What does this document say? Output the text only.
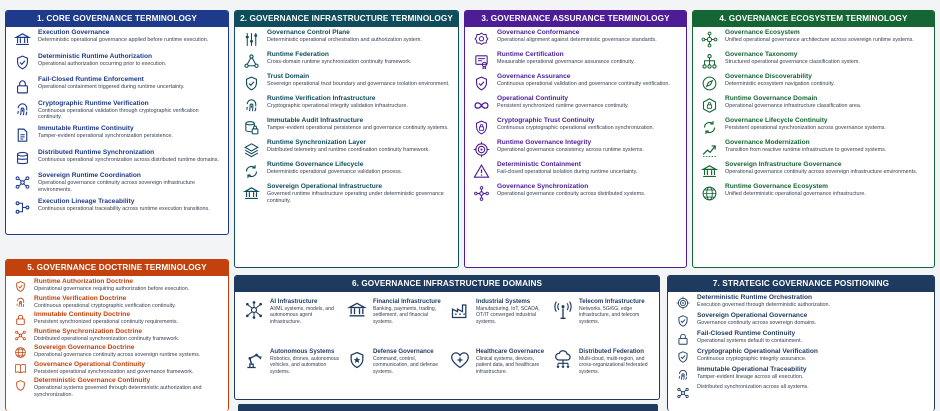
1. CORE GOVERNANCE TERMINOLOGY
Execution Governance
Deterministic operational governance applied before runtime execution.
Deterministic Runtime Authorization
Operational authorization occurring prior to execution.
Fail-Closed Runtime Enforcement
Operational containment triggered during runtime uncertainty.
Cryptographic Runtime Verification
Continuous operational validation through cryptographic verification continuity.
Immutable Runtime Continuity
Tamper-evident operational synchronization persistence.
Distributed Runtime Synchronization
Continuous operational synchronization across distributed runtime domains.
Sovereign Runtime Coordination
Operational governance continuity across sovereign infrastructure environments.
Execution Lineage Traceability
Continuous operational traceability across runtime execution transitions.
2. GOVERNANCE INFRASTRUCTURE TERMINOLOGY
Governance Control Plane
Deterministic operational orchestration and authorization system.
Runtime Federation
Cross-domain runtime synchronization continuity framework.
Trust Domain
Sovereign operational trust boundary and governance isolation environment.
Runtime Verification Infrastructure
Cryptographic operational integrity validation infrastructure.
Immutable Audit Infrastructure
Tamper-evident operational persistence and governance continuity systems.
Runtime Synchronization Layer
Distributed telemetry and runtime coordination continuity framework.
Runtime Governance Lifecycle
Deterministic operational governance validation process.
Sovereign Operational Infrastructure
Governed runtime infrastructure operating under deterministic governance continuity.
3. GOVERNANCE ASSURANCE TERMINOLOGY
Governance Conformance
Operational alignment against deterministic governance standards.
Runtime Certification
Measurable operational governance assurance continuity.
Governance Assurance
Continuous operational validation and governance continuity verification.
Operational Continuity
Persistent synchronized runtime governance continuity.
Cryptographic Trust Continuity
Continuous cryptographic operational verification synchronization.
Runtime Governance Integrity
Operational governance consistency across runtime systems.
Deterministic Containment
Fail-closed operational isolation during runtime uncertainty.
Governance Synchronization
Operational governance continuity across distributed systems.
4. GOVERNANCE ECOSYSTEM TERMINOLOGY
Governance Ecosystem
Unified operational governance architecture across sovereign runtime systems.
Governance Taxonomy
Structured operational governance classification system.
Governance Discoverability
Deterministic ecosystem navigation continuity.
Runtime Governance Domain
Operational governance infrastructure classification area.
Governance Lifecycle Continuity
Persistent operational synchronization across governance systems.
Governance Modernization
Transition from reactive runtime infrastructure to governed systems.
Sovereign Infrastructure Governance
Operational governance continuity across sovereign infrastructure environments.
Runtime Governance Ecosystem
Unified deterministic operational governance infrastructure.
5. GOVERNANCE DOCTRINE TERMINOLOGY
Runtime Authorization Doctrine
Operational governance requiring authorization before execution.
Runtime Verification Doctrine
Continuous operational cryptographic verification continuity.
Immutable Continuity Doctrine
Persistent synchronized operational continuity requirements.
Runtime Synchronization Doctrine
Distributed operational synchronization continuity framework.
Sovereign Governance Doctrine
Operational governance continuity across sovereign runtime systems.
Governance Operational Continuity
Persistent operational synchronization and governance framework.
Deterministic Governance Continuity
Operational systems governed through deterministic authorization and synchronization.
6. GOVERNANCE INFRASTRUCTURE DOMAINS
AI Infrastructure
AI/ML systems, models, and autonomous agent infrastructure.
Financial Infrastructure
Banking, payments, trading, settlement, and financial systems.
Industrial Systems
Manufacturing, IoT, SCADA, OT/IT converged industrial systems.
Telecom Infrastructure
Networks, 5G/6G, edge infrastructure, and telecom systems.
Autonomous Systems
Robotics, drones, autonomous vehicles, and automation systems.
Defense Governance
Command, control, communication, and defense systems.
Healthcare Governance
Clinical systems, devices, patient data, and healthcare infrastructure.
Distributed Federation
Multi-cloud, multi-region, and cross-organizational federated systems.
7. STRATEGIC GOVERNANCE POSITIONING
Deterministic Runtime Orchestration
Execution governed through deterministic authorization.
Sovereign Operational Governance
Governance continuity across sovereign domains.
Fail-Closed Runtime Continuity
Operational systems default to containment.
Cryptographic Operational Verification
Continuous cryptographic integrity assurance.
Immutable Operational Traceability
Tamper-evident lineage across all execution.
Distributed synchronization across all systems.
